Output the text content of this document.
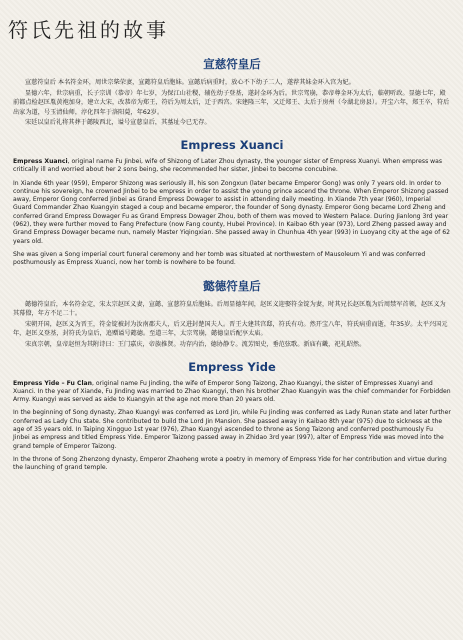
符氏先祖的故事
宣慈符皇后

宣慈符皇后 本名符金环，周世宗柴荣妻，宣懿符皇后胞妹。宣懿后病重时，放心不下幼子二人，遂荐其妹金环入宫为妃。

显德六年，世宗病重，长子宗训（恭帝）年七岁，为保江山社稷，辅佐幼子登基，遂封金环为后。世宗驾崩，恭帝尊金环为太后，临朝听政。显德七年，殿前都点检赵匡胤黄袍加身，建立大宋，改恭帝为郑王，符后为周太后，迁于西宫。宋建隆三年，又迁郑王、太后于房州（今湖北房县）。开宝六年，郑王卒，符后出家为道，号玉清仙师，淳化四年于洛阳薨，年62岁。

宋廷以皇后礼将其葬于懿陵西北，谥号宣慈皇后，其墓址今已无存。

Empress Xuanci

Empress Xuanci, original name Fu Jinbei, wife of Shizong of Later Zhou dynasty, the younger sister of Empress Xuanyi. When empress was critically ill and worried about her 2 sons being, she recommended her sister, Jinbei to become concubine.

In Xiande 6th year (959), Emperor Shizong was seriously ill, his son Zongxun (later became Emperor Gong) was only 7 years old. In order to continue his sovereign, he crowned Jinbei to be empress in order to assist the young prince ascend the throne. When Emperor Shizong passed away, Emperor Gong conferred Jinbei as Grand Empress Dowager to assist in attending daily meeting. In Xiande 7th year (960), Imperial Guard Commander Zhao Kuangyin staged a coup and became emperor, the founder of Song dynasty. Emperor Gong became Lord Zheng and conferred Grand Empress Dowager Fu as Grand Empress Dowager Zhou, both of them was moved to Western Palace. During Jianlong 3rd year (962), they were further moved to Fang Prefecture (now Fang county, Hubei Province). In Kaibao 6th year (973), Lord Zheng passed away and Grand Empress Dowager became nun, namely Master Yiqingxian. She passed away in Chunhua 4th year (993) in Luoyang city at the age of 62 years old.

She was given a Song imperial court funeral ceremony and her tomb was situated at northwestern of Mausoleum Yi and was conferred posthumously as Empress Xuanci, now her tomb is nowhere to be found.

懿德符皇后

懿德符皇后，本名符金定，宋太宗赵匡义妻，宣懿、宣慈符皇后胞妹。后周显德年间，赵匡义迎娶符金锭为妻，时其兄长赵匡胤为后周禁军首领，赵匡义为其幕僚，年方不足二十。

宋朝开国，赵匡义为晋王，符金锭被封为汝南郡夫人，后又进封楚国夫人。晋王大建其宫邸，符氏有功。然开宝八年，符氏病重而逝，年35岁。太平兴国元年，赵匡义登基，封符氏为皇后，追赠谥号懿德。至道三年，太宗驾崩，懿德皇后配享太庙。

宋真宗朝，皇帝赵恒为其附诗曰：王门嘉庆，帝族推贤。功存内治，德协静专。流芳图史，垂范弦歌。新庙有畿，祀礼昭然。

Empress Yide

Empress Yide – Fu Clan, original name Fu Jinding, the wife of Emperor Song Taizong, Zhao Kuangyi, the sister of Empresses Xuanyi and Xuanci. In the year of Xiande, Fu Jinding was married to Zhao Kuangyi, then his brother Zhao Kuangyin was the chief commander for Forbidden Army. Kuangyi was served as aide to Kuangyin at the age not more than 20 years old.

In the beginning of Song dynasty, Zhao Kuangyi was conferred as Lord Jin, while Fu Jinding was conferred as Lady Runan state and later further conferred as Lady Chu state. She contributed to build the Lord Jin Mansion. She passed away in Kaibao 8th year (975) due to sickness at the age of 35 years old. In Taiping Xingguo 1st year (976), Zhao Kuangyi ascended to throne as Song Taizong and conferred posthumously Fu Jinbei as empress and titled Empress Yide. Emperor Taizong passed away in Zhidao 3rd year (997), alter of Empress Yide was moved into the grand temple of Emperor Taizong.

In the throne of Song Zhenzong dynasty, Emperor Zhaoheng wrote a poetry in memory of Empress Yide for her contribution and virtue during the launching of grand temple.
